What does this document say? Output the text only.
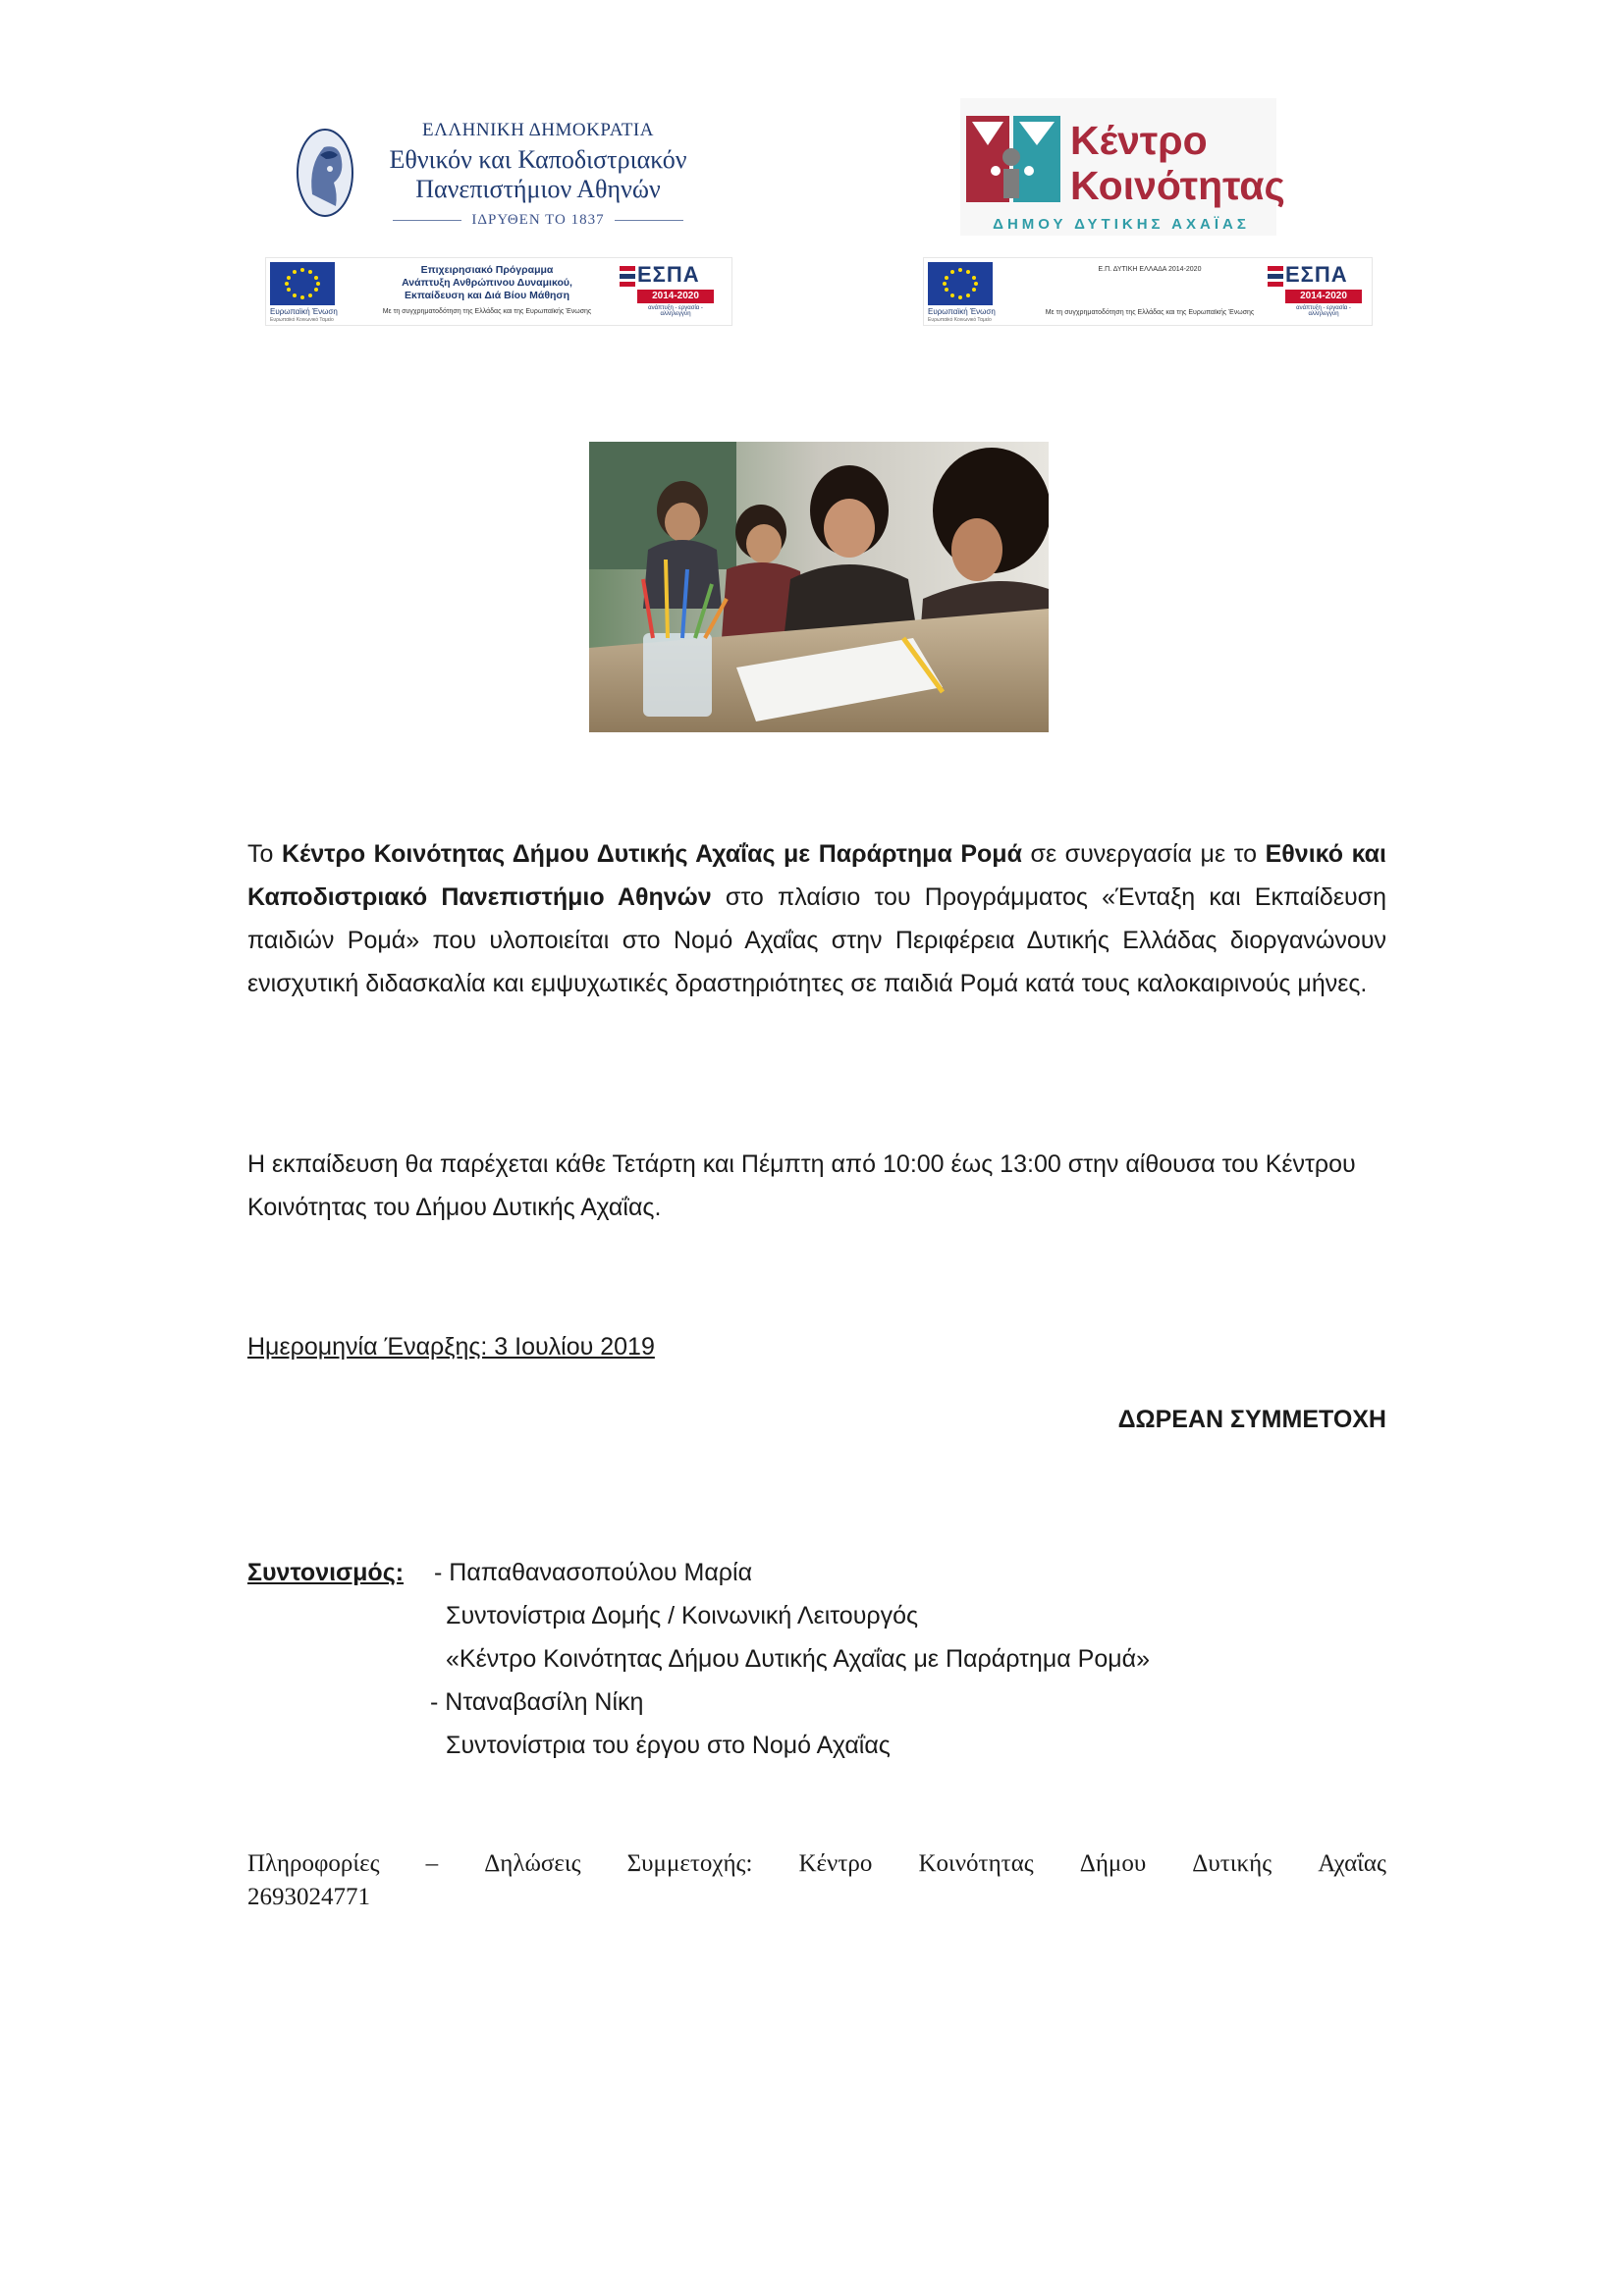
ΕΛΛΗΝΙΚΗ ΔΗΜΟΚΡΑΤΙΑ
Εθνικόν και Καποδιστριακόν
Πανεπιστήμιον Αθηνών
ΙΔΡΥΘΕΝ ΤΟ 1837
Κέντρο
Κοινότητας
ΔΗΜΟΥ ΔΥΤΙΚΗΣ ΑΧΑΪΑΣ
Ευρωπαϊκή Ένωση
Ευρωπαϊκό Κοινωνικό Ταμείο
Επιχειρησιακό Πρόγραμμα
Ανάπτυξη Ανθρώπινου Δυναμικού,
Εκπαίδευση και Διά Βίου Μάθηση
Με τη συγχρηματοδότηση της Ελλάδας και της Ευρωπαϊκής Ένωσης
ΕΣΠΑ
2014-2020
ανάπτυξη - εργασία - αλληλεγγύη	Ευρωπαϊκή Ένωση
Ευρωπαϊκό Κοινωνικό Ταμείο
Ε.Π. ΔΥΤΙΚΗ ΕΛΛΑΔΑ 2014-2020
Με τη συγχρηματοδότηση της Ελλάδας και της Ευρωπαϊκής Ένωσης
ΕΣΠΑ
2014-2020
ανάπτυξη - εργασία - αλληλεγγύη
Το Κέντρο Κοινότητας Δήμου Δυτικής Αχαΐας με Παράρτημα Ρομά σε συνεργασία με το Εθνικό και Καποδιστριακό Πανεπιστήμιο Αθηνών στο πλαίσιο του Προγράμματος «Ένταξη και Εκπαίδευση παιδιών Ρομά» που υλοποιείται στο Νομό Αχαΐας στην Περιφέρεια Δυτικής Ελλάδας διοργανώνουν ενισχυτική διδασκαλία και εμψυχωτικές δραστηριότητες σε παιδιά Ρομά κατά τους καλοκαιρινούς μήνες.
Η εκπαίδευση θα παρέχεται κάθε Τετάρτη και Πέμπτη από 10:00 έως 13:00 στην αίθουσα του Κέντρου Κοινότητας του Δήμου Δυτικής Αχαΐας.
Ημερομηνία Έναρξης: 3 Ιουλίου 2019
ΔΩΡΕΑΝ ΣΥΜΜΕΤΟΧΗ
Συντονισμός: - Παπαθανασοπούλου Μαρία
Συντονίστρια Δομής / Κοινωνική Λειτουργός
«Κέντρο Κοινότητας Δήμου Δυτικής Αχαΐας με Παράρτημα Ρομά»
- Νταναβασίλη Νίκη
Συντονίστρια του έργου στο Νομό Αχαΐας
Πληροφορίες – Δηλώσεις Συμμετοχής: Κέντρο Κοινότητας Δήμου Δυτικής Αχαΐας
2693024771
